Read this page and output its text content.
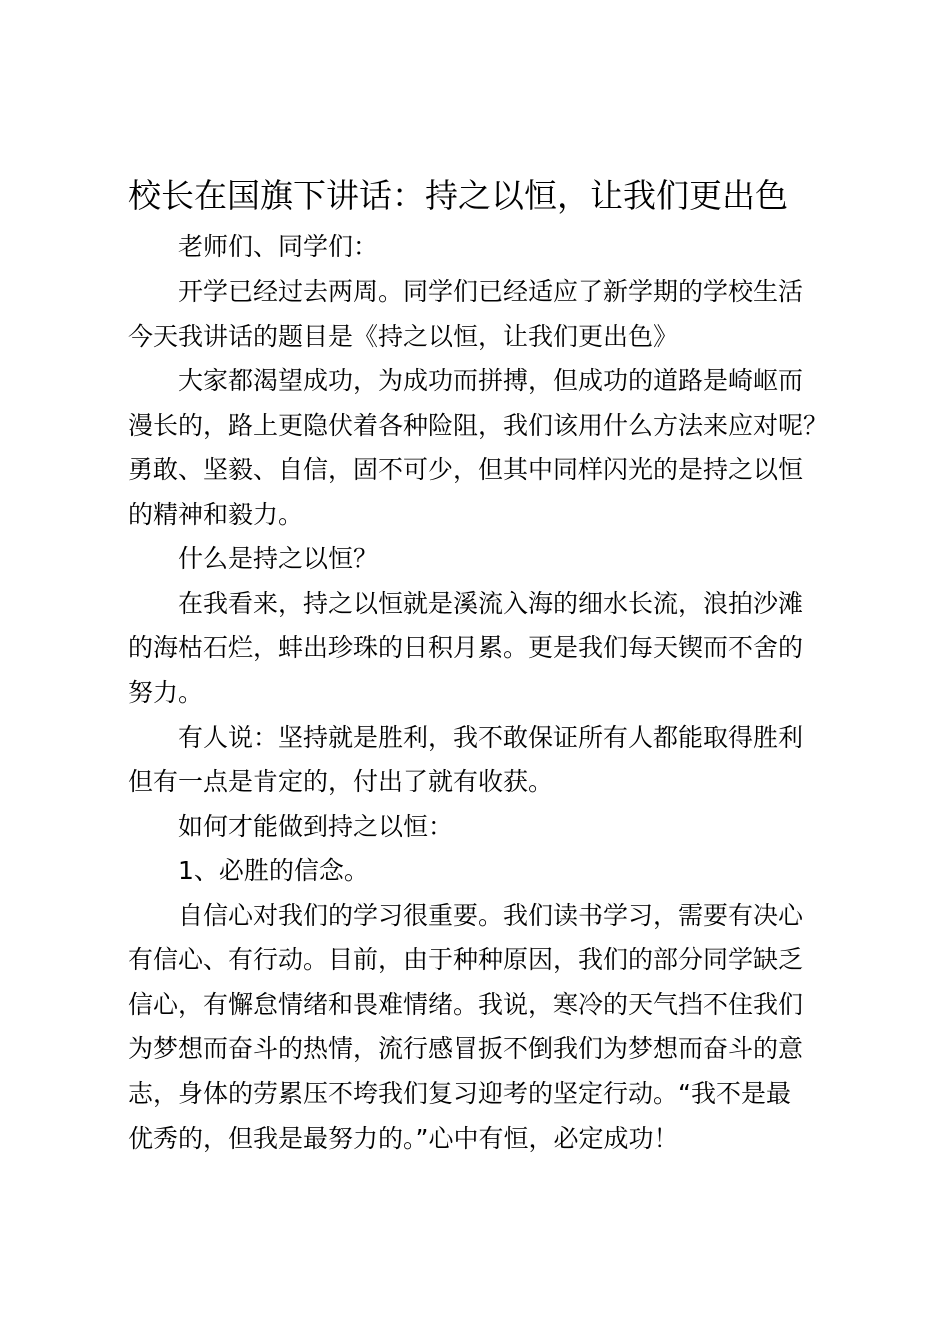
校长在国旗下讲话：持之以恒，让我们更出色

老师们、同学们：

开学已经过去两周。同学们已经适应了新学期的学校生活

今天我讲话的题目是《持之以恒，让我们更出色》

大家都渴望成功，为成功而拼搏，但成功的道路是崎岖而

漫长的，路上更隐伏着各种险阻，我们该用什么方法来应对呢？

勇敢、坚毅、自信，固不可少，但其中同样闪光的是持之以恒

的精神和毅力。

什么是持之以恒？

在我看来，持之以恒就是溪流入海的细水长流，浪拍沙滩

的海枯石烂，蚌出珍珠的日积月累。更是我们每天锲而不舍的

努力。

有人说：坚持就是胜利，我不敢保证所有人都能取得胜利

但有一点是肯定的，付出了就有收获。

如何才能做到持之以恒：

1、必胜的信念。

自信心对我们的学习很重要。我们读书学习，需要有决心

有信心、有行动。目前，由于种种原因，我们的部分同学缺乏

信心，有懈怠情绪和畏难情绪。我说，寒冷的天气挡不住我们

为梦想而奋斗的热情，流行感冒扳不倒我们为梦想而奋斗的意

志，身体的劳累压不垮我们复习迎考的坚定行动。“我不是最

优秀的，但我是最努力的。”心中有恒，必定成功！
